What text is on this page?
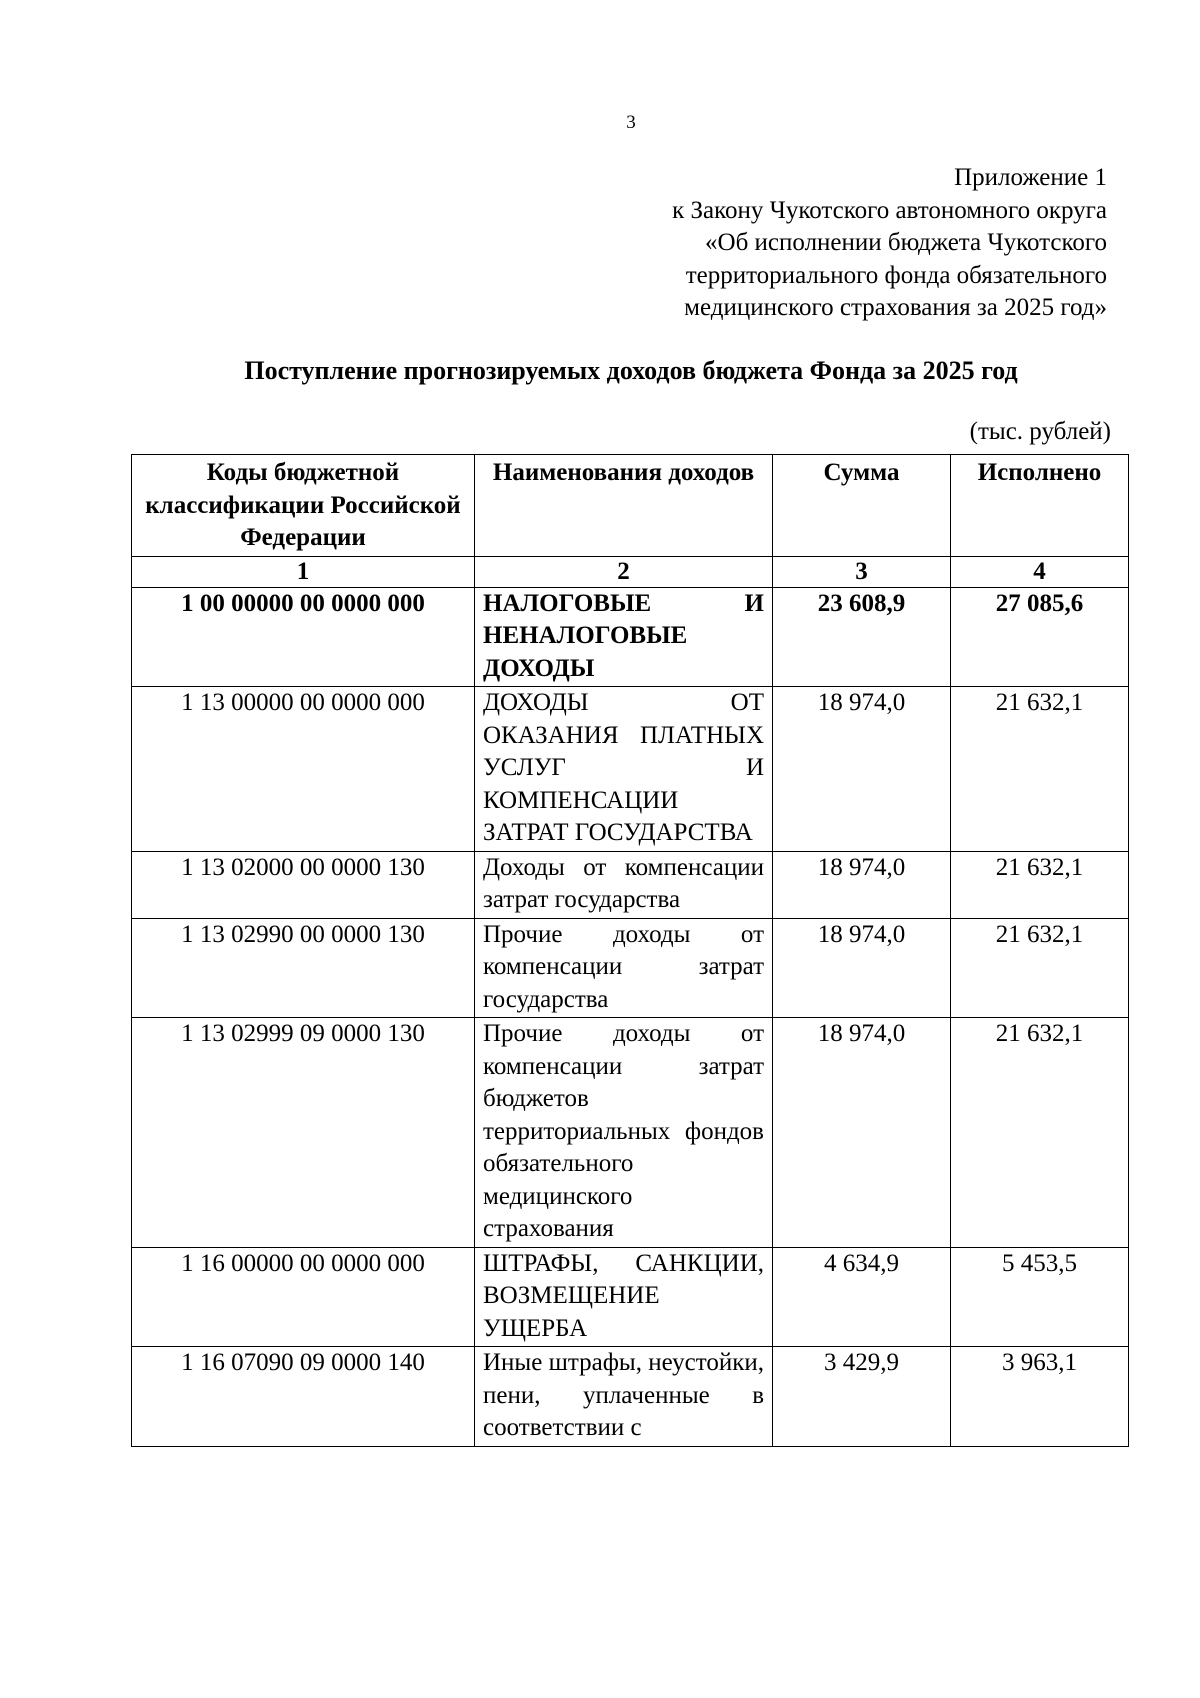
3
Приложение 1
к Закону Чукотского автономного округа
«Об исполнении бюджета Чукотского
территориального фонда обязательного
медицинского страхования за 2025 год»
Поступление прогнозируемых доходов бюджета Фонда за 2025 год
(тыс. рублей)
Коды бюджетной классификации Российской Федерации	Наименования доходов	Сумма	Исполнено
1	2	3	4
1 00 00000 00 0000 000	НАЛОГОВЫЕ И НЕНАЛОГОВЫЕ ДОХОДЫ	23 608,9	27 085,6
1 13 00000 00 0000 000	ДОХОДЫ ОТ ОКАЗАНИЯ ПЛАТНЫХ УСЛУГ И КОМПЕНСАЦИИ ЗАТРАТ ГОСУДАРСТВА	18 974,0	21 632,1
1 13 02000 00 0000 130	Доходы от компенсации затрат государства	18 974,0	21 632,1
1 13 02990 00 0000 130	Прочие доходы от компенсации затрат государства	18 974,0	21 632,1
1 13 02999 09 0000 130	Прочие доходы от компенсации затрат бюджетов территориальных фондов обязательного медицинского страхования	18 974,0	21 632,1
1 16 00000 00 0000 000	ШТРАФЫ, САНКЦИИ, ВОЗМЕЩЕНИЕ УЩЕРБА	4 634,9	5 453,5
1 16 07090 09 0000 140	Иные штрафы, неустойки, пени, уплаченные в соответствии с	3 429,9	3 963,1
